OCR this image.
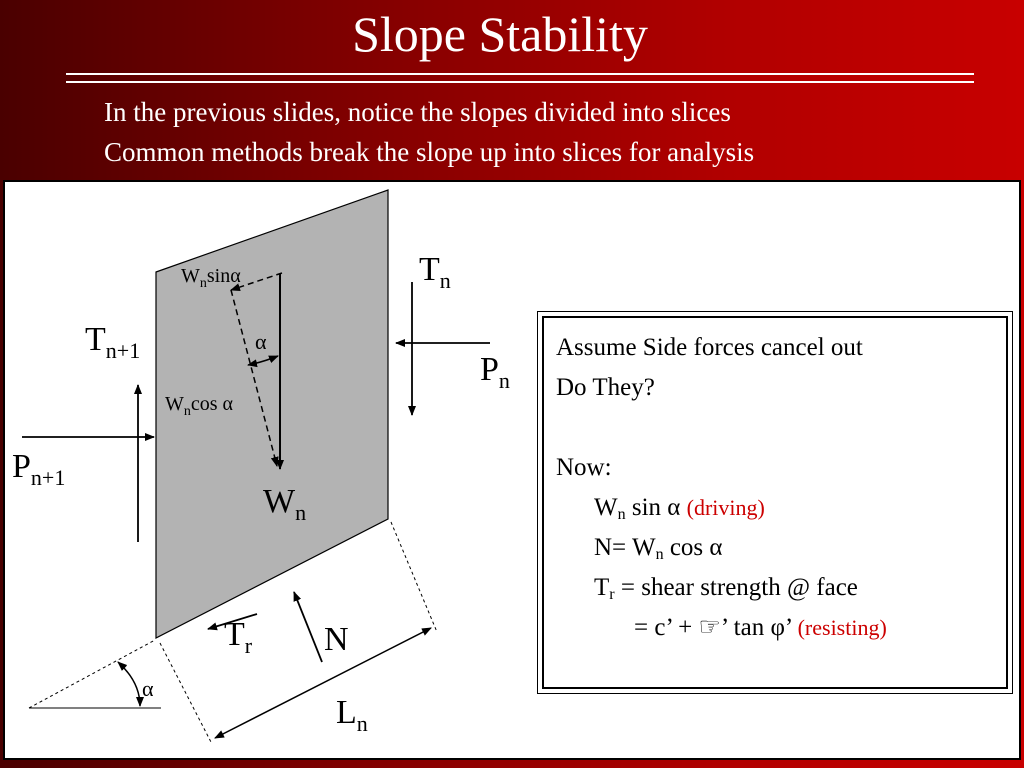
Slope Stability
In the previous slides, notice the slopes divided into slices
Common methods break the slope up into slices for analysis
$T_n$
$T_{n+1}$
$P_n$
$P_{n+1}$
$W_n\sin\alpha$
α
$W_n\cos$ α
$W_n$
$T_r$ N
$L_n$
α
Assume Side forces cancel out
Do They?

Now:
$W_n$ sin α (driving)
$N= W_n$ cos α
$T_r$ = shear strength @ face
= c’ + ☞’ tan φ’ (resisting)
